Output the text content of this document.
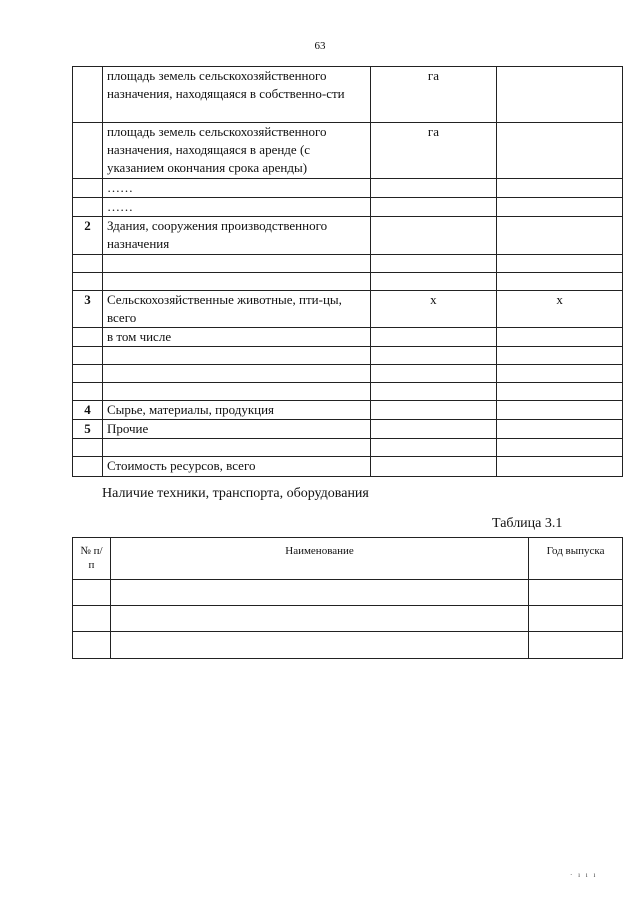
63
	площадь земель сельскохозяйственного назначения, находящаяся в собственно-сти	га	
	площадь земель сельскохозяйственного назначения, находящаяся в аренде (с указанием окончания срока аренды)	га	
	……		
	……		
2	Здания, сооружения производственного назначения		

3	Сельскохозяйственные животные, пти-цы, всего	х	х
	в том числе		

4	Сырье, материалы, продукция		
5	Прочие		

	Стоимость ресурсов, всего		
Наличие техники, транспорта, оборудования
Таблица 3.1
№ п/п	Наименование	Год выпуска

· ı ı ı
